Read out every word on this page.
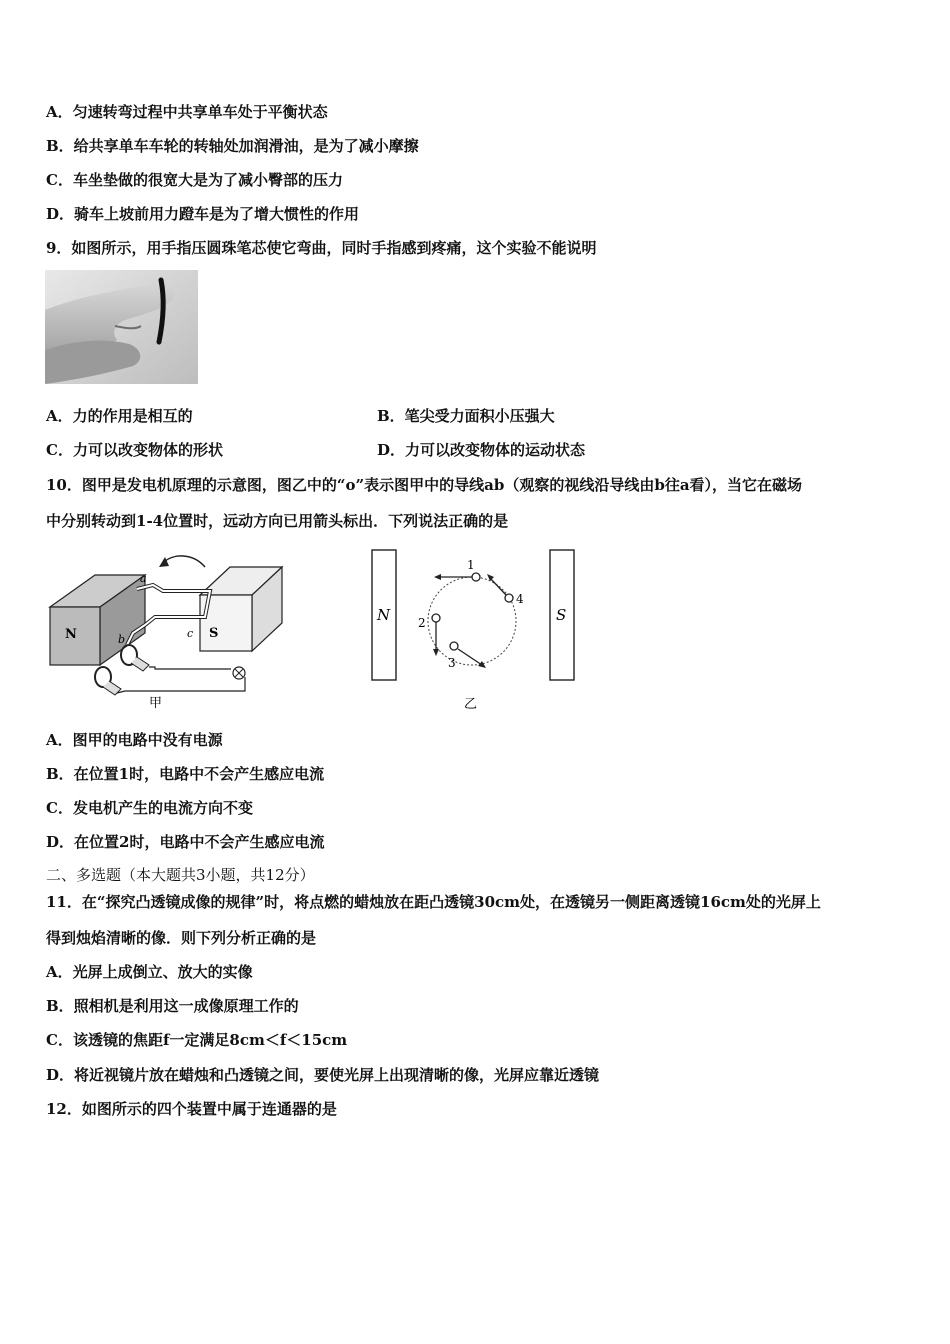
A．匀速转弯过程中共享单车处于平衡状态
B．给共享单车车轮的转轴处加润滑油，是为了减小摩擦
C．车坐垫做的很宽大是为了减小臀部的压力
D．骑车上坡前用力蹬车是为了增大惯性的作用
9．如图所示，用手指压圆珠笔芯使它弯曲，同时手指感到疼痛，这个实验不能说明
A．力的作用是相互的	B．笔尖受力面积小压强大
C．力可以改变物体的形状	D．力可以改变物体的运动状态
10．图甲是发电机原理的示意图，图乙中的“o”表示图甲中的导线ab（观察的视线沿导线由b往a看），当它在磁场
中分别转动到1-4位置时，远动方向已用箭头标出．下列说法正确的是
N	S
a
b	c
甲
N	S
1
2
3
4
乙
A．图甲的电路中没有电源
B．在位置1时，电路中不会产生感应电流
C．发电机产生的电流方向不变
D．在位置2时，电路中不会产生感应电流
二、多选题（本大题共3小题，共12分）
11．在“探究凸透镜成像的规律”时，将点燃的蜡烛放在距凸透镜30cm处，在透镜另一侧距离透镜16cm处的光屏上
得到烛焰清晰的像．则下列分析正确的是
A．光屏上成倒立、放大的实像
B．照相机是利用这一成像原理工作的
C．该透镜的焦距f一定满足8cm＜f＜15cm
D．将近视镜片放在蜡烛和凸透镜之间，要使光屏上出现清晰的像，光屏应靠近透镜
12．如图所示的四个装置中属于连通器的是
